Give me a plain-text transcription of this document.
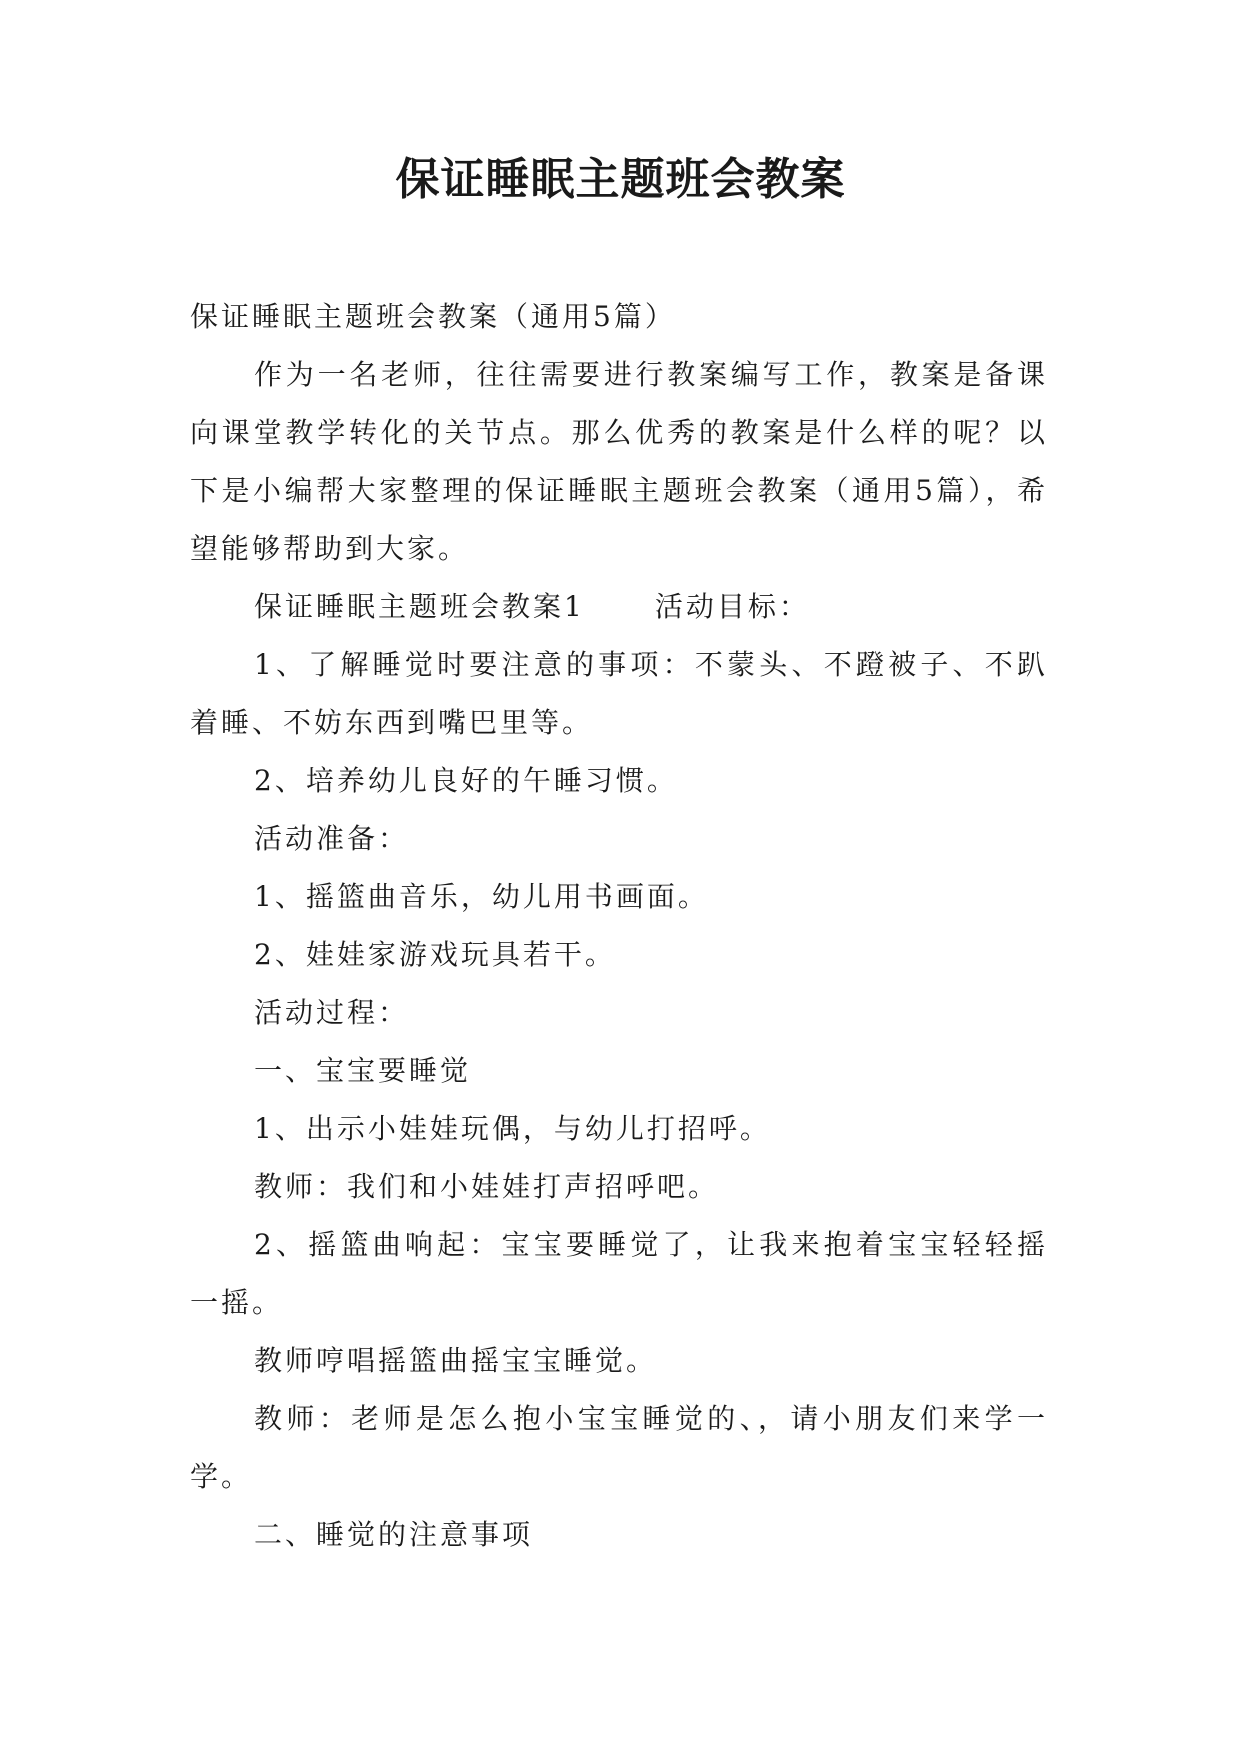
保证睡眠主题班会教案

保证睡眠主题班会教案（通用5篇）

作为一名老师，往往需要进行教案编写工作，教案是备课向课堂教学转化的关节点。那么优秀的教案是什么样的呢？以下是小编帮大家整理的保证睡眠主题班会教案（通用5篇），希望能够帮助到大家。

保证睡眠主题班会教案1	活动目标：

1、了解睡觉时要注意的事项：不蒙头、不蹬被子、不趴着睡、不妨东西到嘴巴里等。

2、培养幼儿良好的午睡习惯。

活动准备：

1、摇篮曲音乐，幼儿用书画面。

2、娃娃家游戏玩具若干。

活动过程：

一、宝宝要睡觉

1、出示小娃娃玩偶，与幼儿打招呼。

教师：我们和小娃娃打声招呼吧。

2、摇篮曲响起：宝宝要睡觉了，让我来抱着宝宝轻轻摇一摇。

教师哼唱摇篮曲摇宝宝睡觉。

教师：老师是怎么抱小宝宝睡觉的、，请小朋友们来学一学。

二、睡觉的注意事项
